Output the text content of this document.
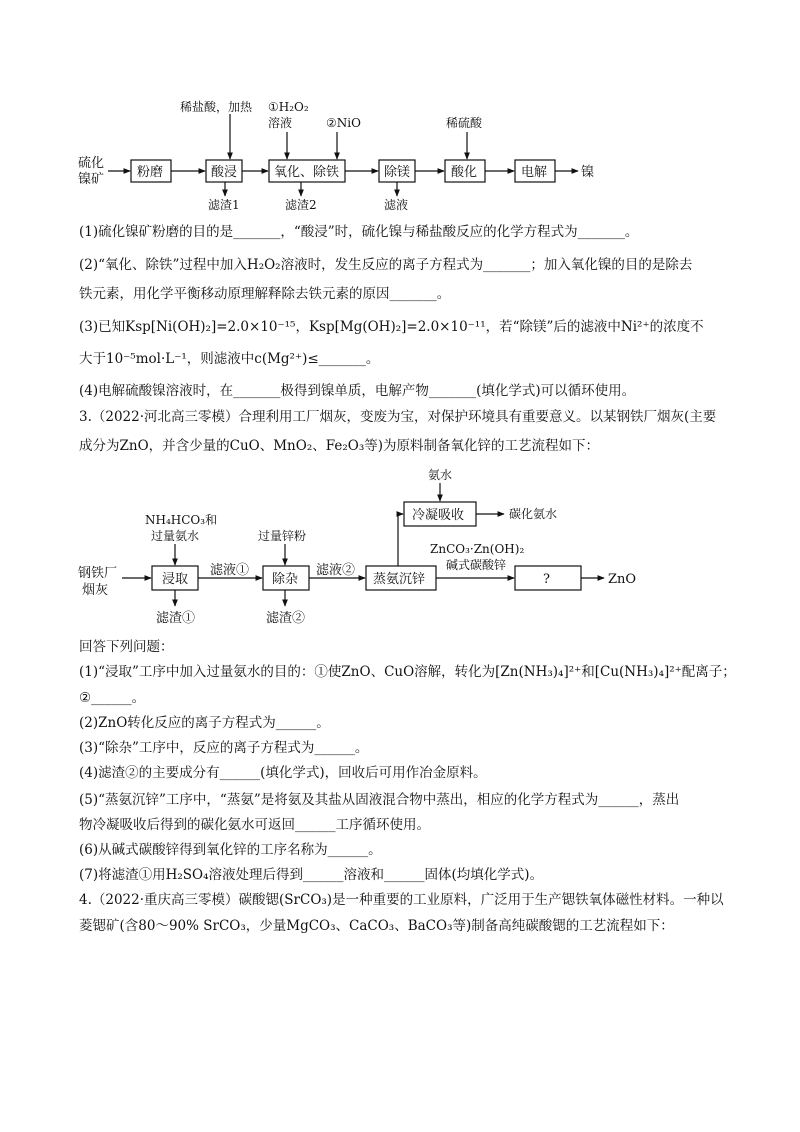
硫化
镍矿	粉磨	酸浸	氧化、除铁	除镁	酸化	电解	镍
稀盐酸，加热 ①H₂O₂
溶液	②NiO	稀硫酸
滤渣1	滤渣2	滤液
(1)硫化镍矿粉磨的目的是_______，“酸浸”时，硫化镍与稀盐酸反应的化学方程式为_______。
(2)“氧化、除铁”过程中加入H₂O₂溶液时，发生反应的离子方程式为_______；加入氧化镍的目的是除去
铁元素，用化学平衡移动原理解释除去铁元素的原因_______。
(3)已知Ksp[Ni(OH)₂]=2.0×10⁻¹⁵，Ksp[Mg(OH)₂]=2.0×10⁻¹¹，若“除镁”后的滤液中Ni²⁺的浓度不
大于10⁻⁵mol·L⁻¹，则滤液中c(Mg²⁺)≤_______。
(4)电解硫酸镍溶液时，在_______极得到镍单质，电解产物_______(填化学式)可以循环使用。
3.（2022·河北高三零模）合理利用工厂烟灰，变废为宝，对保护环境具有重要意义。以某钢铁厂烟灰(主要
成分为ZnO，并含少量的CuO、MnO₂、Fe₂O₃等)为原料制备氧化锌的工艺流程如下：
钢铁厂
烟灰
NH₄HCO₃和
过量氨水
浸取
滤液①
滤渣①
过量锌粉
除杂
滤液②
滤渣②
蒸氨沉锌
氨水
冷凝吸收	碳化氨水
ZnCO₃·Zn(OH)₂
碱式碳酸锌
?	ZnO
回答下列问题：
(1)“浸取”工序中加入过量氨水的目的：①使ZnO、CuO溶解，转化为[Zn(NH₃)₄]²⁺和[Cu(NH₃)₄]²⁺配离子；
②______。
(2)ZnO转化反应的离子方程式为______。
(3)“除杂”工序中，反应的离子方程式为______。
(4)滤渣②的主要成分有______(填化学式)，回收后可用作冶金原料。
(5)“蒸氨沉锌”工序中，“蒸氨”是将氨及其盐从固液混合物中蒸出，相应的化学方程式为______，蒸出
物冷凝吸收后得到的碳化氨水可返回______工序循环使用。
(6)从碱式碳酸锌得到氧化锌的工序名称为______。
(7)将滤渣①用H₂SO₄溶液处理后得到______溶液和______固体(均填化学式)。
4.（2022·重庆高三零模）碳酸锶(SrCO₃)是一种重要的工业原料，广泛用于生产锶铁氧体磁性材料。一种以
菱锶矿(含80～90% SrCO₃，少量MgCO₃、CaCO₃、BaCO₃等)制备高纯碳酸锶的工艺流程如下：
